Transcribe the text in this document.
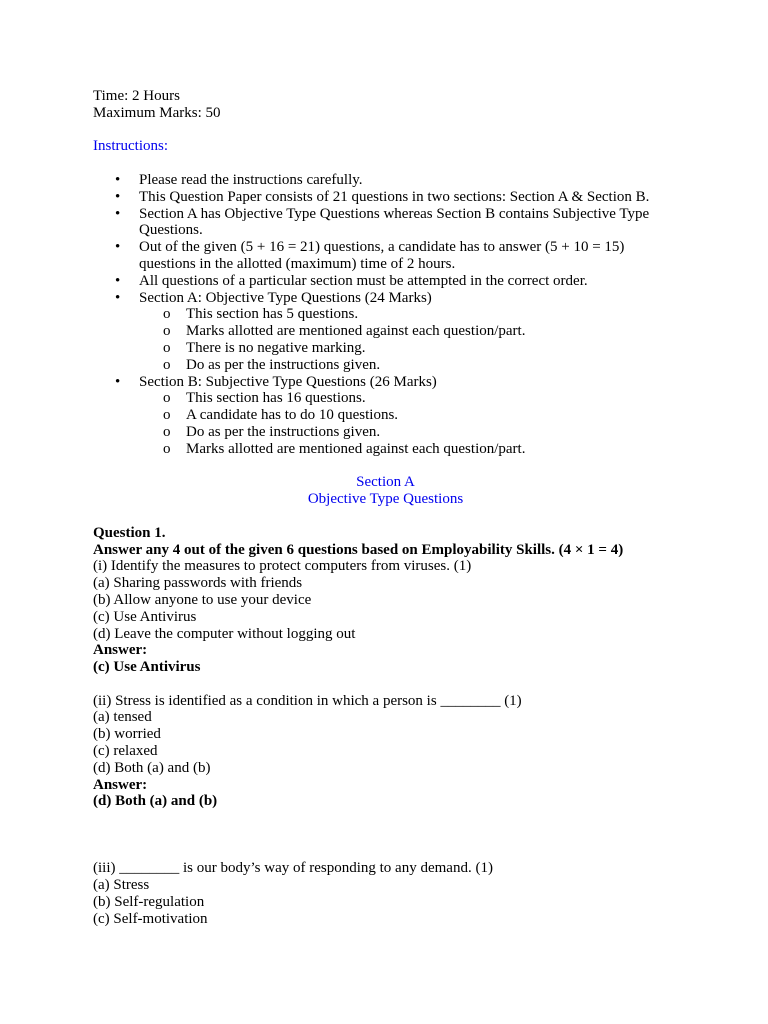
Time: 2 Hours

Maximum Marks: 50

Instructions:

• Please read the instructions carefully.
• This Question Paper consists of 21 questions in two sections: Section A & Section B.
• Section A has Objective Type Questions whereas Section B contains Subjective Type Questions.
• Out of the given (5 + 16 = 21) questions, a candidate has to answer (5 + 10 = 15) questions in the allotted (maximum) time of 2 hours.
• All questions of a particular section must be attempted in the correct order.
• Section A: Objective Type Questions (24 Marks)
o This section has 5 questions.
o Marks allotted are mentioned against each question/part.
o There is no negative marking.
o Do as per the instructions given.
• Section B: Subjective Type Questions (26 Marks)
o This section has 16 questions.
o A candidate has to do 10 questions.
o Do as per the instructions given.
o Marks allotted are mentioned against each question/part.

Section A

Objective Type Questions

Question 1.

Answer any 4 out of the given 6 questions based on Employability Skills. (4 × 1 = 4)

(i) Identify the measures to protect computers from viruses. (1)

(a) Sharing passwords with friends

(b) Allow anyone to use your device

(c) Use Antivirus

(d) Leave the computer without logging out

Answer:

(c) Use Antivirus

(ii) Stress is identified as a condition in which a person is ________ (1)

(a) tensed

(b) worried

(c) relaxed

(d) Both (a) and (b)

Answer:

(d) Both (a) and (b)

(iii) ________ is our body’s way of responding to any demand. (1)

(a) Stress

(b) Self-regulation

(c) Self-motivation
